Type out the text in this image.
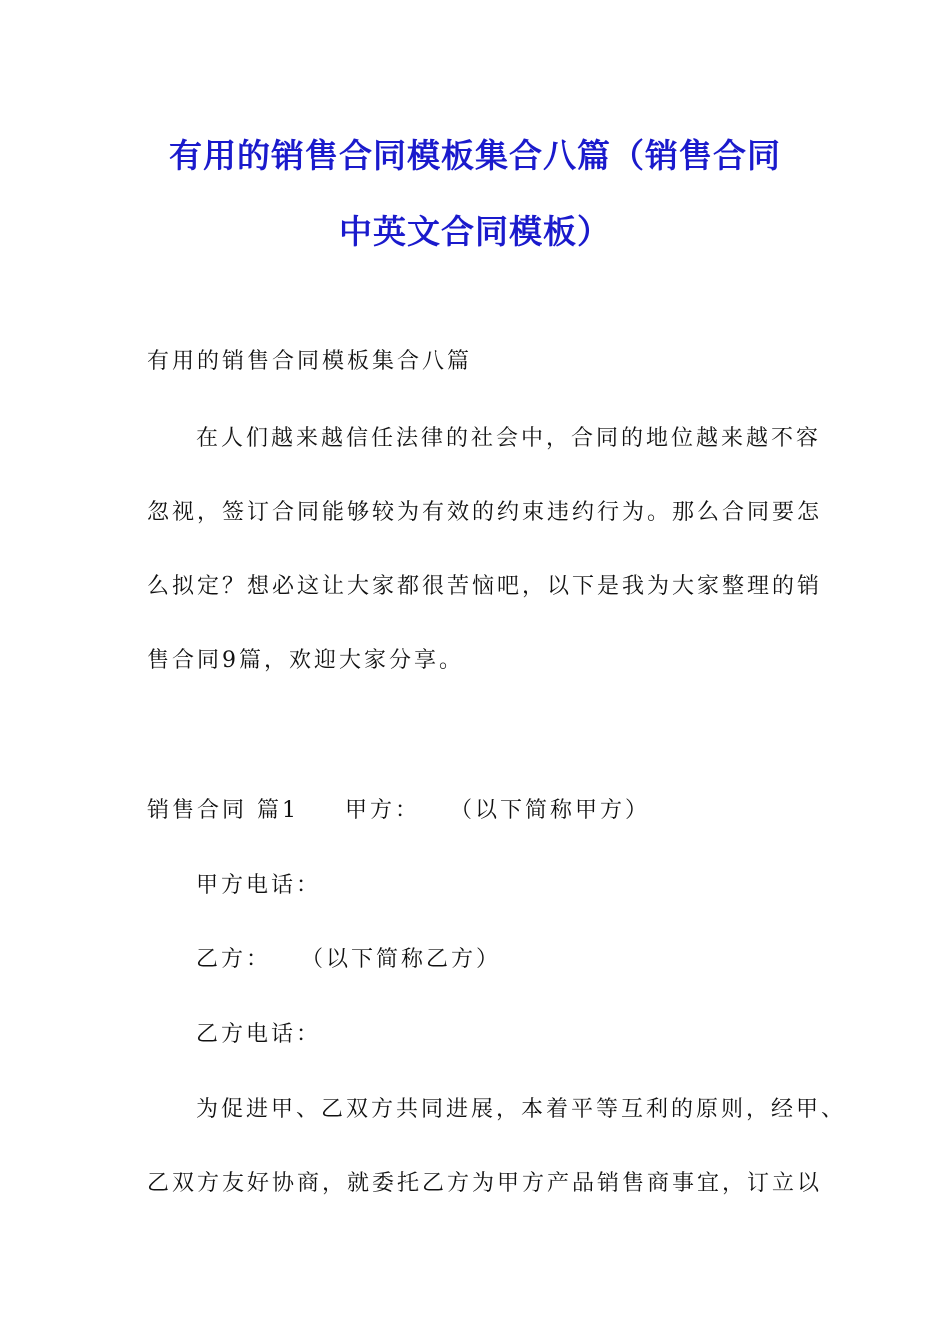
有用的销售合同模板集合八篇（销售合同
中英文合同模板）
有用的销售合同模板集合八篇
在人们越来越信任法律的社会中，合同的地位越来越不容
忽视，签订合同能够较为有效的约束违约行为。那么合同要怎
么拟定？想必这让大家都很苦恼吧，以下是我为大家整理的销
售合同9篇，欢迎大家分享。
销售合同 篇1 甲方： （以下简称甲方）
甲方电话：
乙方： （以下简称乙方）
乙方电话：
为促进甲、乙双方共同进展，本着平等互利的原则，经甲、
乙双方友好协商，就委托乙方为甲方产品销售商事宜，订立以
